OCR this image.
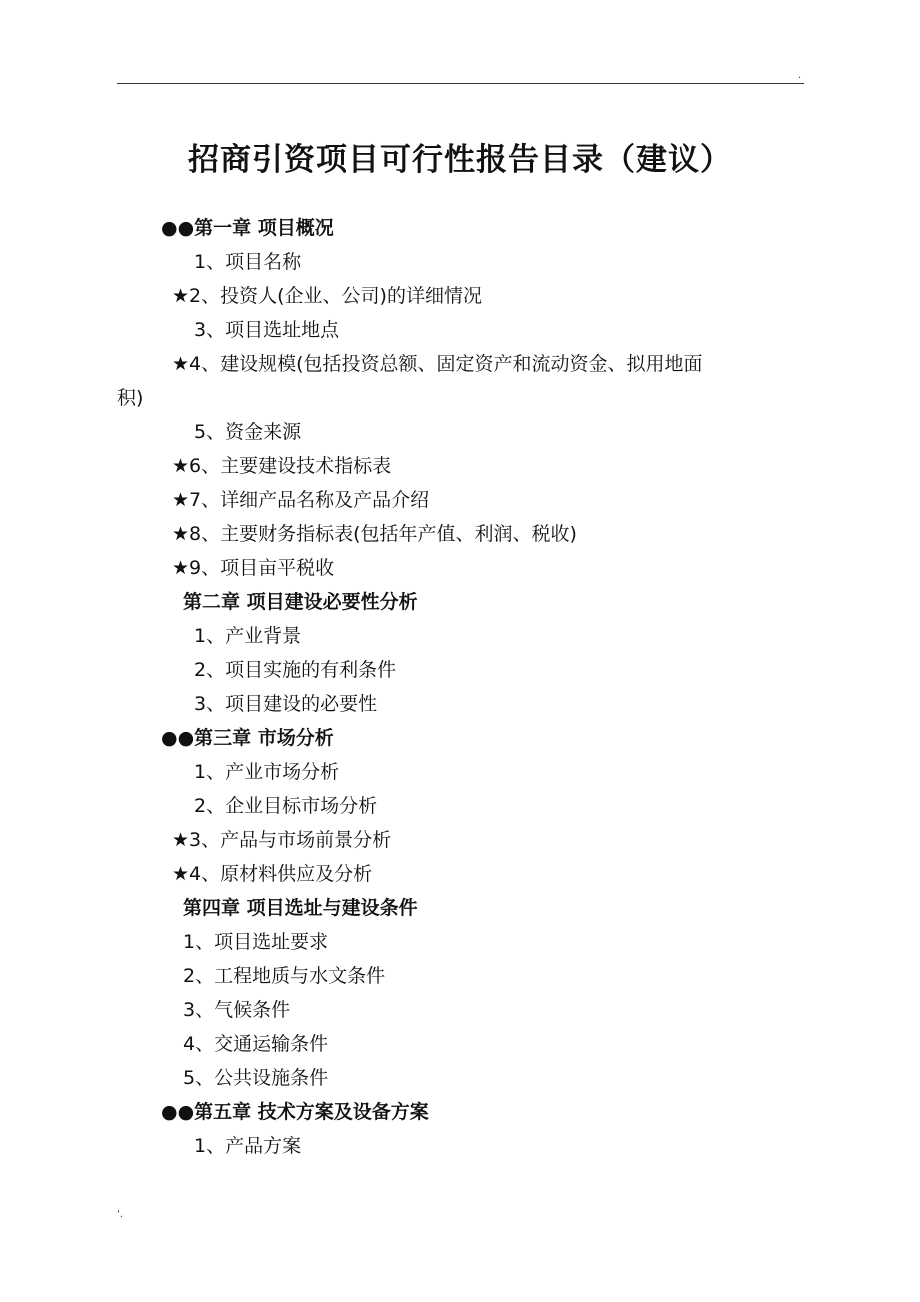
.
招商引资项目可行性报告目录（建议）
●●第一章 项目概况
1、项目名称
★2、投资人(企业、公司)的详细情况
3、项目选址地点
★4、建设规模(包括投资总额、固定资产和流动资金、拟用地面
积)
5、资金来源
★6、主要建设技术指标表
★7、详细产品名称及产品介绍
★8、主要财务指标表(包括年产值、利润、税收)
★9、项目亩平税收
第二章 项目建设必要性分析
1、产业背景
2、项目实施的有利条件
3、项目建设的必要性
●●第三章 市场分析
1、产业市场分析
2、企业目标市场分析
★3、产品与市场前景分析
★4、原材料供应及分析
第四章 项目选址与建设条件
1、项目选址要求
2、工程地质与水文条件
3、气候条件
4、交通运输条件
5、公共设施条件
●●第五章 技术方案及设备方案
1、产品方案
'.
